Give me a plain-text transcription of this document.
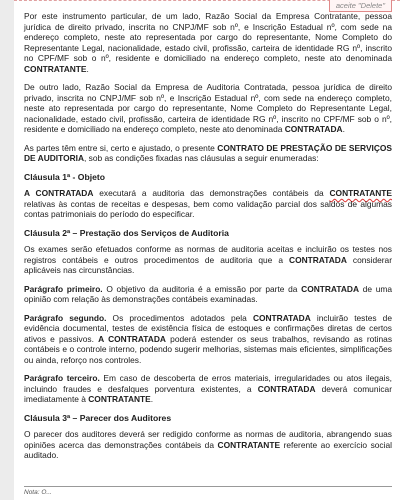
aceite "Delete"

Por este instrumento particular, de um lado, Razão Social da Empresa Contratante, pessoa jurídica de direito privado, inscrita no CNPJ/MF sob nº, e Inscrição Estadual nº, com sede na endereço completo, neste ato representada por cargo do representante, Nome Completo do Representante Legal, nacionalidade, estado civil, profissão, carteira de identidade RG nº, inscrito no CPF/MF sob o nº, residente e domiciliado na endereço completo, neste ato denominada CONTRATANTE.

De outro lado, Razão Social da Empresa de Auditoria Contratada, pessoa jurídica de direito privado, inscrita no CNPJ/MF sob nº, e Inscrição Estadual nº, com sede na endereço completo, neste ato representada por cargo do representante, Nome Completo do Representante Legal, nacionalidade, estado civil, profissão, carteira de identidade RG nº, inscrito no CPF/MF sob o nº, residente e domiciliado na endereço completo, neste ato denominada CONTRATADA.

As partes têm entre si, certo e ajustado, o presente CONTRATO DE PRESTAÇÃO DE SERVIÇOS DE AUDITORIA, sob as condições fixadas nas cláusulas a seguir enumeradas:

Cláusula 1ª - Objeto

A CONTRATADA executará a auditoria das demonstrações contábeis da CONTRATANTE relativas às contas de receitas e despesas, bem como validação parcial dos saldos de algumas contas patrimoniais do período do especificar.

Cláusula 2ª – Prestação dos Serviços de Auditoria

Os exames serão efetuados conforme as normas de auditoria aceitas e incluirão os testes nos registros contábeis e outros procedimentos de auditoria que a CONTRATADA considerar aplicáveis nas circunstâncias.

Parágrafo primeiro. O objetivo da auditoria é a emissão por parte da CONTRATADA de uma opinião com relação às demonstrações contábeis examinadas.

Parágrafo segundo. Os procedimentos adotados pela CONTRATADA incluirão testes de evidência documental, testes de existência física de estoques e confirmações diretas de certos ativos e passivos. A CONTRATADA poderá estender os seus trabalhos, revisando as rotinas contábeis e o controle interno, podendo sugerir melhorias, sistemas mais eficientes, simplificações ou ainda, reforço nos controles.

Parágrafo terceiro. Em caso de descoberta de erros materiais, irregularidades ou atos ilegais, incluindo fraudes e desfalques porventura existentes, a CONTRATADA deverá comunicar imediatamente à CONTRATANTE.

Cláusula 3ª – Parecer dos Auditores

O parecer dos auditores deverá ser redigido conforme as normas de auditoria, abrangendo suas opiniões acerca das demonstrações contábeis da CONTRATANTE referente ao exercício social auditado.

Nota: O...
